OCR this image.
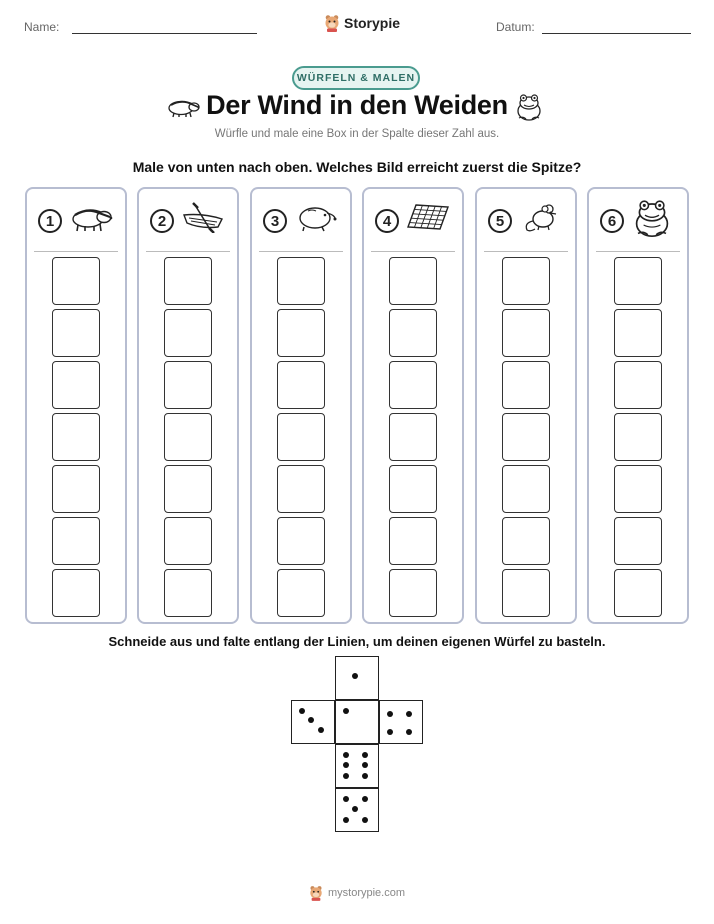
Name:	Storypie	Datum:
WÜRFELN & MALEN
Der Wind in den Weiden
Würfle und male eine Box in der Spalte dieser Zahl aus.
Male von unten nach oben. Welches Bild erreicht zuerst die Spitze?
1	2	3	4	5	6
Schneide aus und falte entlang der Linien, um deinen eigenen Würfel zu basteln.
mystorypie.com
